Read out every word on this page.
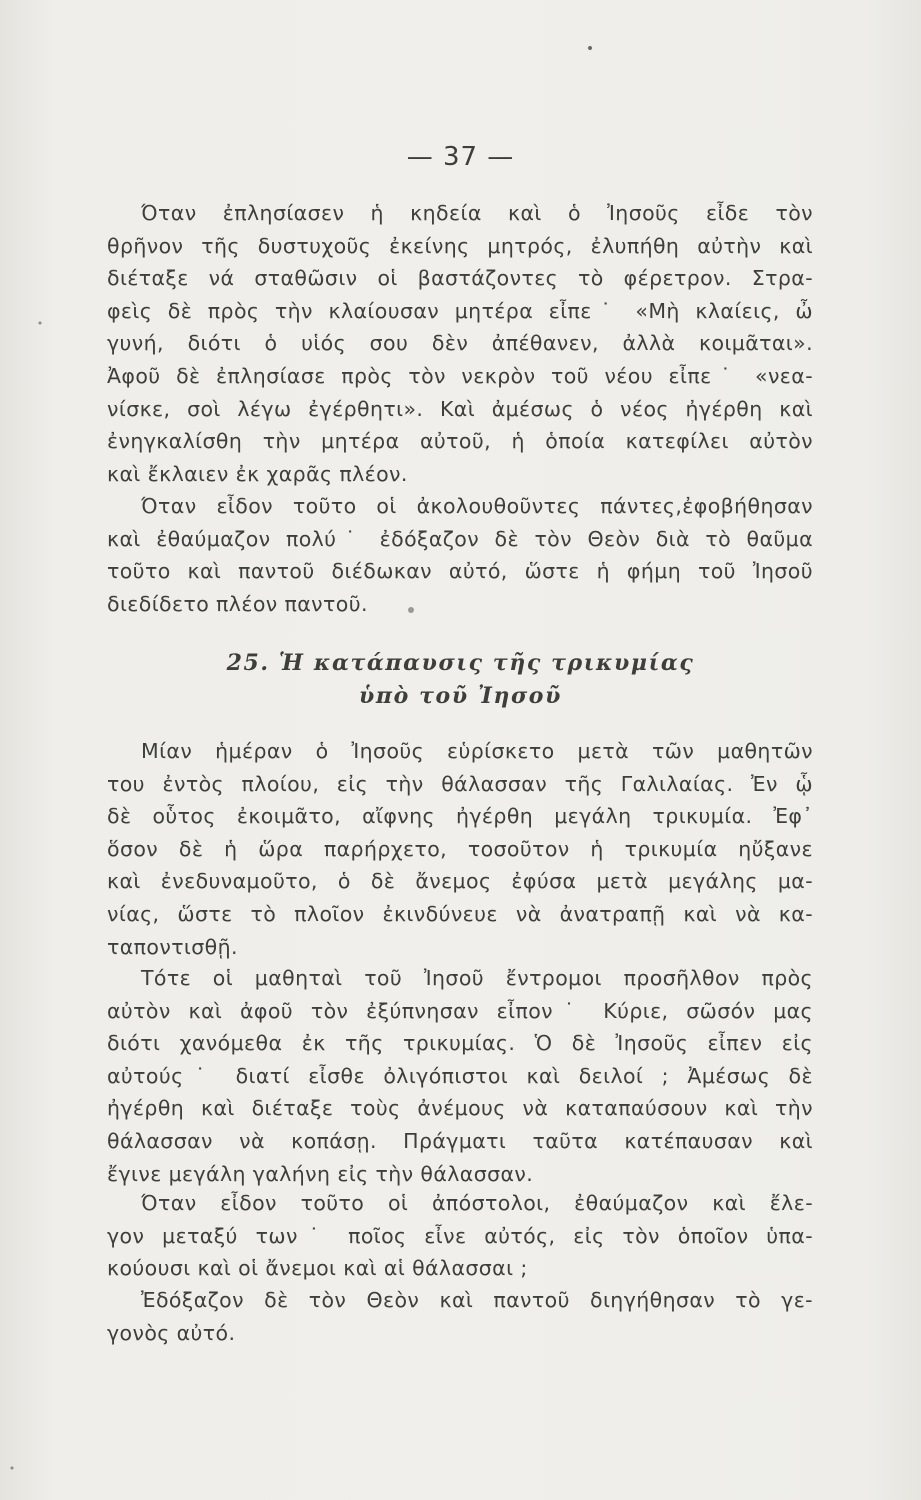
— 37 —
Όταν ἐπλησίασεν ἡ κηδεία καὶ ὁ Ἰησοῦς εἶδε τὸν
θρῆνον τῆς δυστυχοῦς ἐκείνης μητρός, ἐλυπήθη αὐτὴν καὶ
διέταξε νά σταθῶσιν οἱ βαστάζοντες τὸ φέρετρον. Στρα-
φεὶς δὲ πρὸς τὴν κλαίουσαν μητέρα εἶπε˙ «Μὴ κλαίεις, ὦ
γυνή, διότι ὁ υἱός σου δὲν ἀπέθανεν, ἀλλὰ κοιμᾶται».
Ἀφοῦ δὲ ἐπλησίασε πρὸς τὸν νεκρὸν τοῦ νέου εἶπε˙ «νεα-
νίσκε, σοὶ λέγω ἐγέρθητι». Καὶ ἀμέσως ὁ νέος ἠγέρθη καὶ
ἐνηγκαλίσθη τὴν μητέρα αὐτοῦ, ἡ ὁποία κατεφίλει αὐτὸν
καὶ ἔκλαιεν ἐκ χαρᾶς πλέον.
Όταν εἶδον τοῦτο οἱ ἀκολουθοῦντες πάντες,ἐφοβήθησαν
καὶ ἐθαύμαζον πολύ˙ ἐδόξαζον δὲ τὸν Θεὸν διὰ τὸ θαῦμα
τοῦτο καὶ παντοῦ διέδωκαν αὐτό, ὥστε ἡ φήμη τοῦ Ἰησοῦ
διεδίδετο πλέον παντοῦ.
25. Ἡ κατάπαυσις τῆς τρικυμίας
ὑπὸ τοῦ Ἰησοῦ
Μίαν ἡμέραν ὁ Ἰησοῦς εὑρίσκετο μετὰ τῶν μαθητῶν
του ἐντὸς πλοίου, εἰς τὴν θάλασσαν τῆς Γαλιλαίας. Ἐν ᾧ
δὲ οὗτος ἐκοιμᾶτο, αἴφνης ἠγέρθη μεγάλη τρικυμία. Ἐφ᾽
ὅσον δὲ ἡ ὥρα παρήρχετο, τοσοῦτον ἡ τρικυμία ηὔξανε
καὶ ἐνεδυναμοῦτο, ὁ δὲ ἄνεμος ἐφύσα μετὰ μεγάλης μα-
νίας, ὥστε τὸ πλοῖον ἐκινδύνευε νὰ ἀνατραπῇ καὶ νὰ κα-
ταποντισθῇ.
Τότε οἱ μαθηταὶ τοῦ Ἰησοῦ ἔντρομοι προσῆλθον πρὸς
αὐτὸν καὶ ἀφοῦ τὸν ἐξύπνησαν εἶπον˙ Κύριε, σῶσόν μας
διότι χανόμεθα ἐκ τῆς τρικυμίας. Ὁ δὲ Ἰησοῦς εἶπεν εἰς
αὐτούς˙ διατί εἶσθε ὀλιγόπιστοι καὶ δειλοί ; Ἀμέσως δὲ
ἠγέρθη καὶ διέταξε τοὺς ἀνέμους νὰ καταπαύσουν καὶ τὴν
θάλασσαν νὰ κοπάσῃ. Πράγματι ταῦτα κατέπαυσαν καὶ
ἔγινε μεγάλη γαλήνη εἰς τὴν θάλασσαν.
Όταν εἶδον τοῦτο οἱ ἀπόστολοι, ἐθαύμαζον καὶ ἔλε-
γον μεταξύ των˙ ποῖος εἶνε αὐτός, εἰς τὸν ὁποῖον ὑπα-
κούουσι καὶ οἱ ἄνεμοι καὶ αἱ θάλασσαι ;
Ἐδόξαζον δὲ τὸν Θεὸν καὶ παντοῦ διηγήθησαν τὸ γε-
γονὸς αὐτό.
